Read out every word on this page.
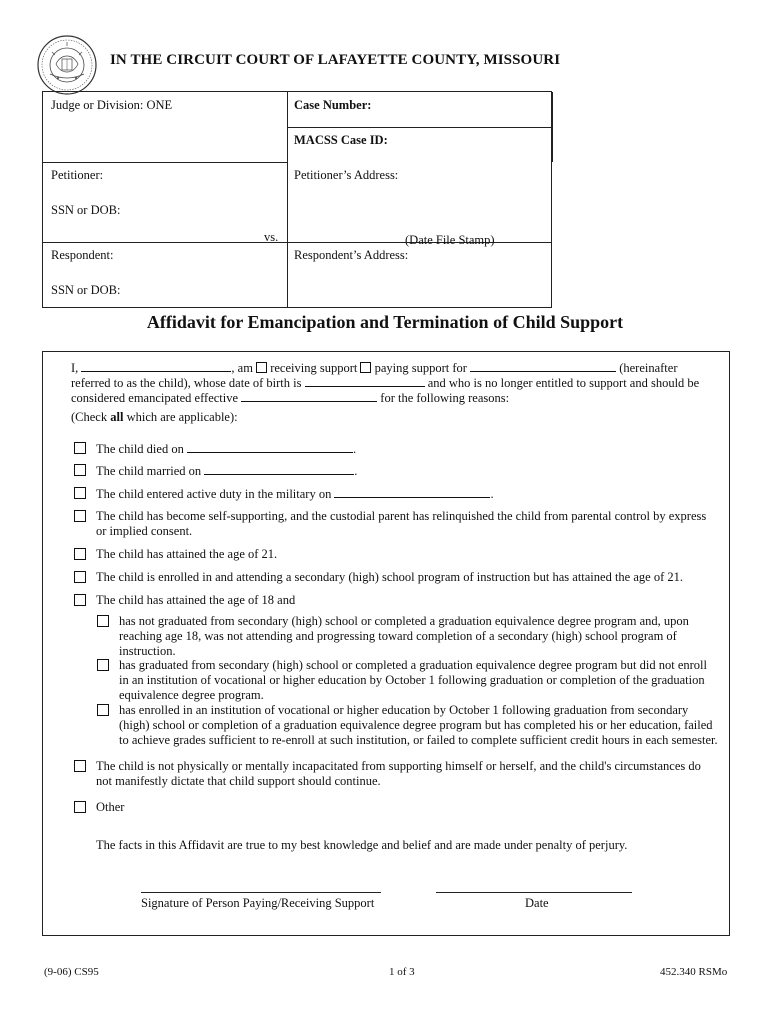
IN THE CIRCUIT COURT OF LAFAYETTE COUNTY, MISSOURI
Judge or Division: ONE	Case Number:
MACSS Case ID:
Petitioner:	Petitioner’s Address:
SSN or DOB:
vs.	(Date File Stamp)
Respondent:	Respondent’s Address:
SSN or DOB:
Affidavit for Emancipation and Termination of Child Support
I,	, am receiving support paying support for	(hereinafter
referred to as the child), whose date of birth is	and who is no longer entitled to support and should be
considered emancipated effective	for the following reasons:
(Check all which are applicable):
The child died on	.
The child married on	.
The child entered active duty in the military on	.
The child has become self-supporting, and the custodial parent has relinquished the child from parental control by express
or implied consent.
The child has attained the age of 21.
The child is enrolled in and attending a secondary (high) school program of instruction but has attained the age of 21.
The child has attained the age of 18 and
has not graduated from secondary (high) school or completed a graduation equivalence degree program and, upon
reaching age 18, was not attending and progressing toward completion of a secondary (high) school program of
instruction.
has graduated from secondary (high) school or completed a graduation equivalence degree program but did not enroll
in an institution of vocational or higher education by October 1 following graduation or completion of the graduation
equivalence degree program.
has enrolled in an institution of vocational or higher education by October 1 following graduation from secondary
(high) school or completion of a graduation equivalence degree program but has completed his or her education, failed
to achieve grades sufficient to re-enroll at such institution, or failed to complete sufficient credit hours in each semester.
The child is not physically or mentally incapacitated from supporting himself or herself, and the child's circumstances do
not manifestly dictate that child support should continue.
Other
The facts in this Affidavit are true to my best knowledge and belief and are made under penalty of perjury.
Signature of Person Paying/Receiving Support	Date
(9-06) CS95	1 of 3	452.340 RSMo
